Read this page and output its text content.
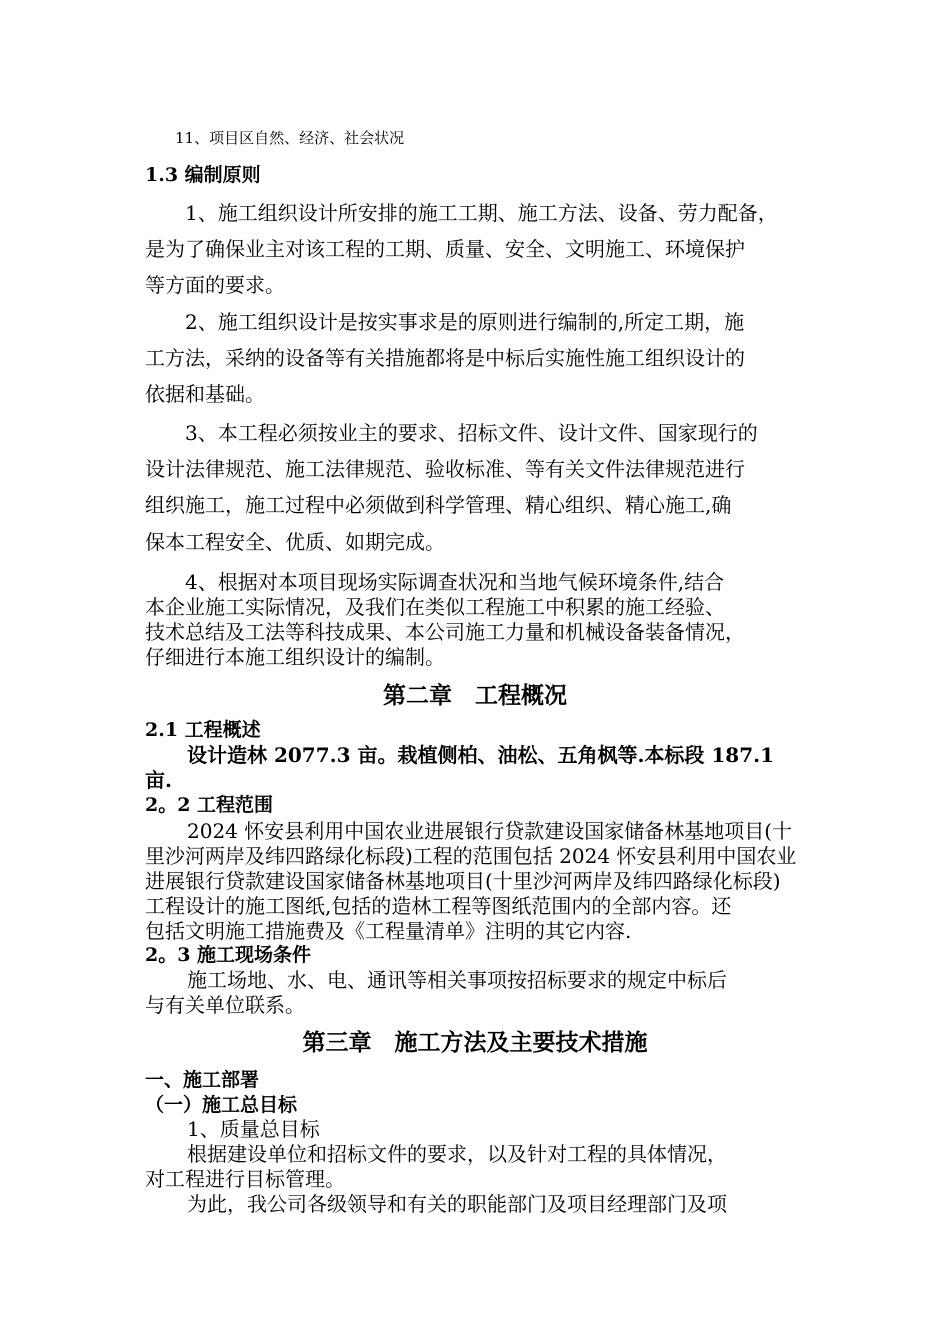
11、项目区自然、经济、社会状况
1.3 编制原则
1、施工组织设计所安排的施工工期、施工方法、设备、劳力配备，
是为了确保业主对该工程的工期、质量、安全、文明施工、环境保护
等方面的要求。
2、施工组织设计是按实事求是的原则进行编制的,所定工期，施
工方法，采纳的设备等有关措施都将是中标后实施性施工组织设计的
依据和基础。
3、本工程必须按业主的要求、招标文件、设计文件、国家现行的
设计法律规范、施工法律规范、验收标准、等有关文件法律规范进行
组织施工，施工过程中必须做到科学管理、精心组织、精心施工,确
保本工程安全、优质、如期完成。
4、根据对本项目现场实际调查状况和当地气候环境条件,结合
本企业施工实际情况，及我们在类似工程施工中积累的施工经验、
技术总结及工法等科技成果、本公司施工力量和机械设备装备情况，
仔细进行本施工组织设计的编制。
第二章　工程概况
2.1 工程概述
设计造林 2077.3 亩。栽植侧柏、油松、五角枫等.本标段 187.1
亩.
2。2 工程范围
2024 怀安县利用中国农业进展银行贷款建设国家储备林基地项目(十
里沙河两岸及纬四路绿化标段)工程的范围包括 2024 怀安县利用中国农业
进展银行贷款建设国家储备林基地项目(十里沙河两岸及纬四路绿化标段)
工程设计的施工图纸,包括的造林工程等图纸范围内的全部内容。还
包括文明施工措施费及《工程量清单》注明的其它内容.
2。3 施工现场条件
施工场地、水、电、通讯等相关事项按招标要求的规定中标后
与有关单位联系。
第三章　施工方法及主要技术措施
一、施工部署
（一）施工总目标
1、质量总目标
根据建设单位和招标文件的要求，以及针对工程的具体情况，
对工程进行目标管理。
为此，我公司各级领导和有关的职能部门及项目经理部门及项
